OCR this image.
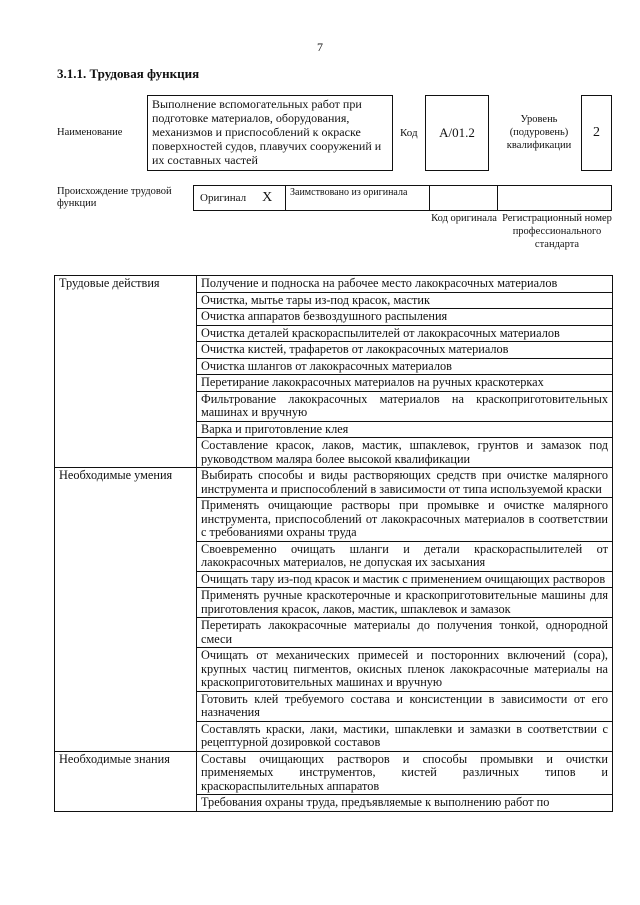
7
3.1.1. Трудовая функция
Наименование
Выполнение вспомогательных работ при подготовке материалов, оборудования, механизмов и приспособлений к окраске поверхностей судов, плавучих сооружений и их составных частей
Код	A/01.2
Уровень (подуровень) квалификации
2
Происхождение трудовой функции	Оригинал X	Заимствовано из оригинала
Код оригинала Регистрационный номер профессионального стандарта
Трудовые действия	Получение и подноска на рабочее место лакокрасочных материалов
	Очистка, мытье тары из-под красок, мастик
	Очистка аппаратов безвоздушного распыления
	Очистка деталей краскораспылителей от лакокрасочных материалов
	Очистка кистей, трафаретов от лакокрасочных материалов
	Очистка шлангов от лакокрасочных материалов
	Перетирание лакокрасочных материалов на ручных краскотерках
	Фильтрование лакокрасочных материалов на краскоприготовительных машинах и вручную
	Варка и приготовление клея
	Составление красок, лаков, мастик, шпаклевок, грунтов и замазок под руководством маляра более высокой квалификации
Необходимые умения	Выбирать способы и виды растворяющих средств при очистке малярного инструмента и приспособлений в зависимости от типа используемой краски
	Применять очищающие растворы при промывке и очистке малярного инструмента, приспособлений от лакокрасочных материалов в соответствии с требованиями охраны труда
	Своевременно очищать шланги и детали краскораспылителей от лакокрасочных материалов, не допуская их засыхания
	Очищать тару из-под красок и мастик с применением очищающих растворов
	Применять ручные краскотерочные и краскоприготовительные машины для приготовления красок, лаков, мастик, шпаклевок и замазок
	Перетирать лакокрасочные материалы до получения тонкой, однородной смеси
	Очищать от механических примесей и посторонних включений (сора), крупных частиц пигментов, окисных пленок лакокрасочные материалы на краскоприготовительных машинах и вручную
	Готовить клей требуемого состава и консистенции в зависимости от его назначения
	Составлять краски, лаки, мастики, шпаклевки и замазки в соответствии с рецептурной дозировкой составов
Необходимые знания	Составы очищающих растворов и способы промывки и очистки применяемых инструментов, кистей различных типов и краскораспылительных аппаратов
	Требования охраны труда, предъявляемые к выполнению работ по
